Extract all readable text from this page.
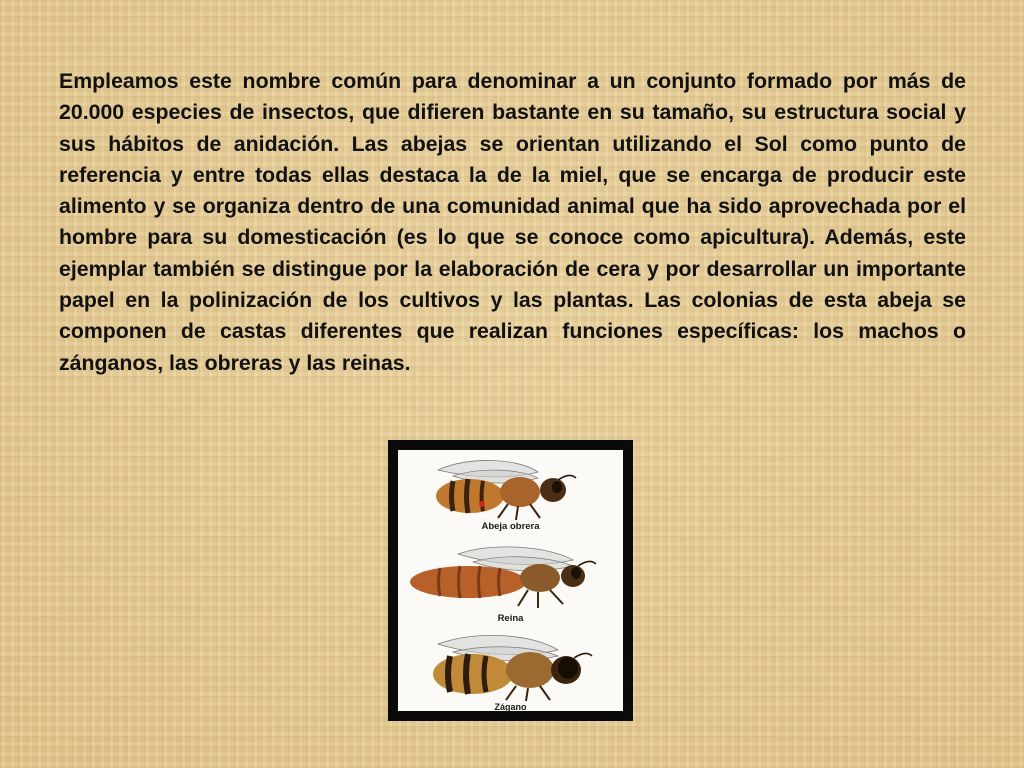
Empleamos este nombre común para denominar a un conjunto formado por más de 20.000 especies de insectos, que difieren bastante en su tamaño, su estructura social y sus hábitos de anidación. Las abejas se orientan utilizando el Sol como punto de referencia y entre todas ellas destaca la de la miel, que se encarga de producir este alimento y se organiza dentro de una comunidad animal que ha sido aprovechada por el hombre para su domesticación (es lo que se conoce como apicultura). Además, este ejemplar también se distingue por la elaboración de cera y por desarrollar un importante papel en la polinización de los cultivos y las plantas. Las colonias de esta abeja se componen de castas diferentes que realizan funciones específicas: los machos o zánganos, las obreras y las reinas.

Abeja obrera
Reina
Zágano
